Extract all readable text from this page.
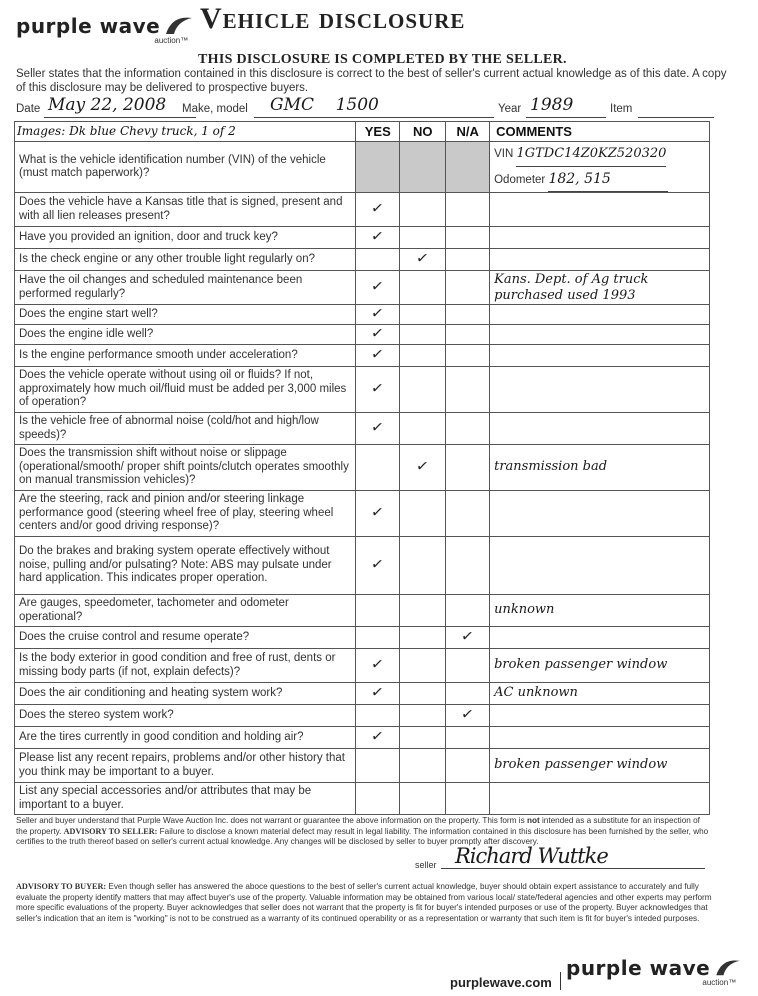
purple wave
auction™
Vehicle disclosure
THIS DISCLOSURE IS COMPLETED BY THE SELLER.
Seller states that the information contained in this disclosure is correct to the best of seller's current actual knowledge as of this date. A copy of this disclosure may be delivered to prospective buyers.
Date May 22, 2008 Make, model GMC    1500	Year 1989	Item
Images: Dk blue Chevy truck, 1 of 2	YES	NO	N/A	COMMENTS
What is the vehicle identification number (VIN) of the vehicle (must match paperwork)?				VIN 1GTDC14Z0KZ520320
Odometer 182, 515

Does the vehicle have a Kansas title that is signed, present and with all lien releases present?	✓			
Have you provided an ignition, door and truck key?	✓			
Is the check engine or any other trouble light regularly on?		✓		
Have the oil changes and scheduled maintenance been performed regularly?	✓			Kans. Dept. of Ag truck purchased used 1993

Does the engine start well?	✓			
Does the engine idle well?	✓			
Is the engine performance smooth under acceleration?	✓			
Does the vehicle operate without using oil or fluids? If not, approximately how much oil/fluid must be added per 3,000 miles of operation?	✓			
Is the vehicle free of abnormal noise (cold/hot and high/low speeds)?	✓			
Does the transmission shift without noise or slippage (operational/smooth/ proper shift points/clutch operates smoothly on manual transmission vehicles)?		✓		transmission bad
Are the steering, rack and pinion and/or steering linkage performance good (steering wheel free of play, steering wheel centers and/or good driving response)?	✓			
Do the brakes and braking system operate effectively without noise, pulling and/or pulsating? Note: ABS may pulsate under hard application. This indicates proper operation.	✓			
Are gauges, speedometer, tachometer and odometer operational?				unknown
Does the cruise control and resume operate?			✓	
Is the body exterior in good condition and free of rust, dents or missing body parts (if not, explain defects)?	✓			broken passenger window
Does the air conditioning and heating system work?	✓			AC unknown
Does the stereo system work?			✓	
Are the tires currently in good condition and holding air?	✓			
Please list any recent repairs, problems and/or other history that you think may be important to a buyer.				broken passenger window
List any special accessories and/or attributes that may be important to a buyer.				
Seller and buyer understand that Purple Wave Auction Inc. does not warrant or guarantee the above information on the property. This form is not intended as a substitute for an inspection of the property. ADVISORY TO SELLER: Failure to disclose a known material defect may result in legal liability. The information contained in this disclosure has been furnished by the seller, who certifies to the truth thereof based on seller's current actual knowledge. Any changes will be disclosed by seller to buyer promptly after discovery.
seller Richard Wuttke
ADVISORY TO BUYER: Even though seller has answered the aboce questions to the best of seller's current actual knowledge, buyer should obtain expert assistance to accurately and fully evaluate the property identify matters that may affect buyer's use of the property. Valuable information may be obtained from various local/ state/federal agencies and other experts may perform more specific evaluations of the property. Buyer acknowledges that seller does not warrant that the property is fit for buyer's intended purposes or use of the property. Buyer acknowledges that seller's indication that an item is "working" is not to be construed as a warranty of its continued operability or as a representation or warranty that such item is fit for buyer's inteded purposes.
purplewave.com
purple wave
auction™
